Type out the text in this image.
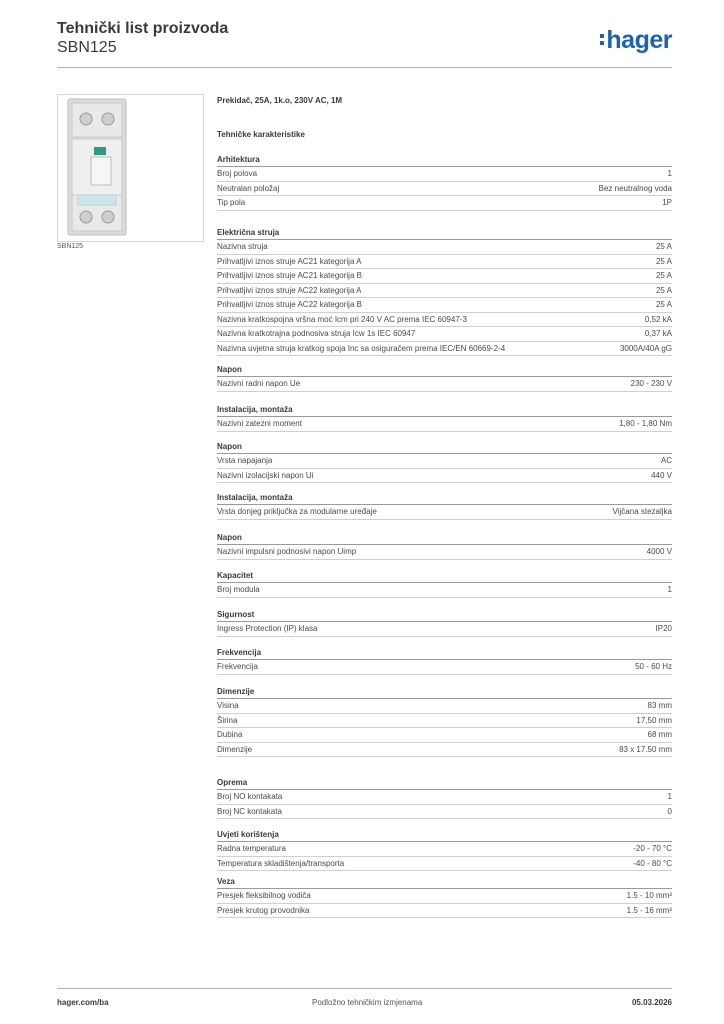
Tehnički list proizvoda
SBN125	hager
SBN125
Prekidač, 25A, 1k.o, 230V AC, 1M
Tehničke karakteristike
Arhitektura
Broj polova	1
Neutralan položaj	Bez neutralnog voda
Tip pola	1P
Električna struja
Nazivna struja	25 A
Prihvatljivi iznos struje AC21 kategorija A	25 A
Prihvatljivi iznos struje AC21 kategorija B	25 A
Prihvatljivi iznos struje AC22 kategorija A	25 A
Prihvatljivi iznos struje AC22 kategorija B	25 A
Nazivna kratkospojna vršna moć Icm pri 240 V AC prema IEC 60947-3	0,52 kA
Nazivna kratkotrajna podnosiva struja Icw 1s IEC 60947	0,37 kA
Nazivna uvjetna struja kratkog spoja Inc sa osiguračem prema IEC/EN 60669-2-4	3000A/40A gG
Napon
Nazivni radni napon Ue	230 - 230 V
Instalacija, montaža
Nazivni zatezni moment	1,80 - 1,80 Nm
Napon
Vrsta napajanja	AC
Nazivni izolacijski napon Ui	440 V
Instalacija, montaža
Vrsta donjeg priključka za modularne uređaje	Vijčana stezaljka
Napon
Nazivni impulsni podnosivi napon Uimp	4000 V
Kapacitet
Broj modula	1
Sigurnost
Ingress Protection (IP) klasa	IP20
Frekvencija
Frekvencija	50 - 60 Hz
Dimenzije
Visina	83 mm
Širina	17,50 mm
Dubina	68 mm
Dimenzije	83 x 17.50 mm
Oprema
Broj NO kontakata	1
Broj NC kontakata	0
Uvjeti korištenja
Radna temperatura	-20 - 70 °C
Temperatura skladištenja/transporta	-40 - 80 °C
Veza
Presjek fleksibilnog vodiča	1.5 - 10 mm²
Presjek krutog provodnika	1.5 - 16 mm²
hager.com/ba	Podložno tehničkim izmjenama	05.03.2026
